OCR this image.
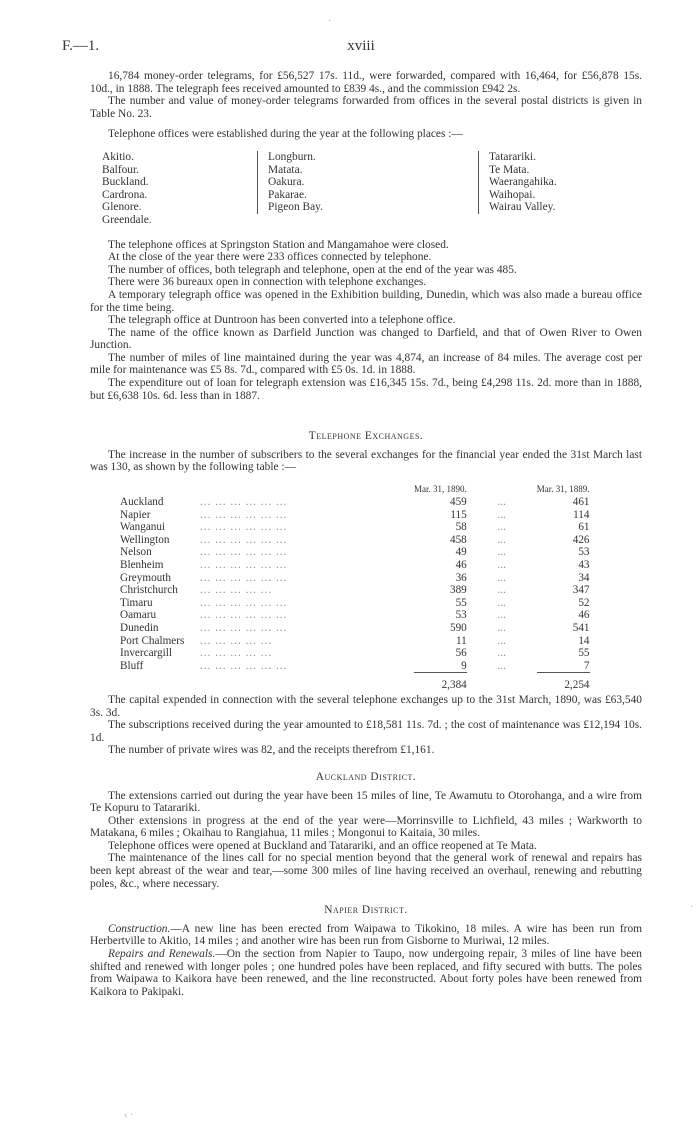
F.—1.	xviii

16,784 money-order telegrams, for £56,527 17s. 11d., were forwarded, compared with 16,464, for £56,878 15s. 10d., in 1888. The telegraph fees received amounted to £839 4s., and the commission £942 2s.

The number and value of money-order telegrams forwarded from offices in the several postal districts is given in Table No. 23.

Telephone offices were established during the year at the following places :—

Akitio.
Balfour.
Buckland.
Cardrona.
Glenore.
Greendale.
Longburn.
Matata.
Oakura.
Pakarae.
Pigeon Bay.
Tatarariki.
Te Mata.
Waerangahika.
Waihopai.
Wairau Valley.

The telephone offices at Springston Station and Mangamahoe were closed.

At the close of the year there were 233 offices connected by telephone.

The number of offices, both telegraph and telephone, open at the end of the year was 485.

There were 36 bureaux open in connection with telephone exchanges.

A temporary telegraph office was opened in the Exhibition building, Dunedin, which was also made a bureau office for the time being.

The telegraph office at Duntroon has been converted into a telephone office.

The name of the office known as Darfield Junction was changed to Darfield, and that of Owen River to Owen Junction.

The number of miles of line maintained during the year was 4,874, an increase of 84 miles. The average cost per mile for maintenance was £5 8s. 7d., compared with £5 0s. 1d. in 1888.

The expenditure out of loan for telegraph extension was £16,345 15s. 7d., being £4,298 11s. 2d. more than in 1888, but £6,638 10s. 6d. less than in 1887.

Telephone Exchanges.

The increase in the number of subscribers to the several exchanges for the financial year ended the 31st March last was 130, as shown by the following table :—

		Mar. 31, 1890.		Mar. 31, 1889.
Auckland	... ... ... ... ... ...	459	...	461
Napier	... ... ... ... ... ...	115	...	114
Wanganui	... ... ... ... ... ...	58	...	61
Wellington	... ... ... ... ... ...	458	...	426
Nelson	... ... ... ... ... ...	49	...	53
Blenheim	... ... ... ... ... ...	46	...	43
Greymouth	... ... ... ... ... ...	36	...	34
Christchurch	... ... ... ... ...	389	...	347
Timaru	... ... ... ... ... ...	55	...	52
Oamaru	... ... ... ... ... ...	53	...	46
Dunedin	... ... ... ... ... ...	590	...	541
Port Chalmers	... ... ... ... ...	11	...	14
Invercargill	... ... ... ... ...	56	...	55
Bluff	... ... ... ... ... ...	9	...	7
		2,384		2,254

The capital expended in connection with the several telephone exchanges up to the 31st March, 1890, was £63,540 3s. 3d.

The subscriptions received during the year amounted to £18,581 11s. 7d. ; the cost of maintenance was £12,194 10s. 1d.

The number of private wires was 82, and the receipts therefrom £1,161.

Auckland District.

The extensions carried out during the year have been 15 miles of line, Te Awamutu to Otorohanga, and a wire from Te Kopuru to Tatarariki.

Other extensions in progress at the end of the year were—Morrinsville to Lichfield, 43 miles ; Warkworth to Matakana, 6 miles ; Okaihau to Rangiahua, 11 miles ; Mongonui to Kaitaia, 30 miles.

Telephone offices were opened at Buckland and Tatarariki, and an office reopened at Te Mata.

The maintenance of the lines call for no special mention beyond that the general work of renewal and repairs has been kept abreast of the wear and tear,—some 300 miles of line having received an overhaul, renewing and rebutting poles, &c., where necessary.

Napier District.

Construction.—A new line has been erected from Waipawa to Tikokino, 18 miles. A wire has been run from Herbertville to Akitio, 14 miles ; and another wire has been run from Gisborne to Muriwai, 12 miles.

Repairs and Renewals.—On the section from Napier to Taupo, now undergoing repair, 3 miles of line have been shifted and renewed with longer poles ; one hundred poles have been replaced, and fifty secured with butts. The poles from Waipawa to Kaikora have been renewed, and the line reconstructed. About forty poles have been renewed from Kaikora to Pakipaki.

·
·
‹ ·
